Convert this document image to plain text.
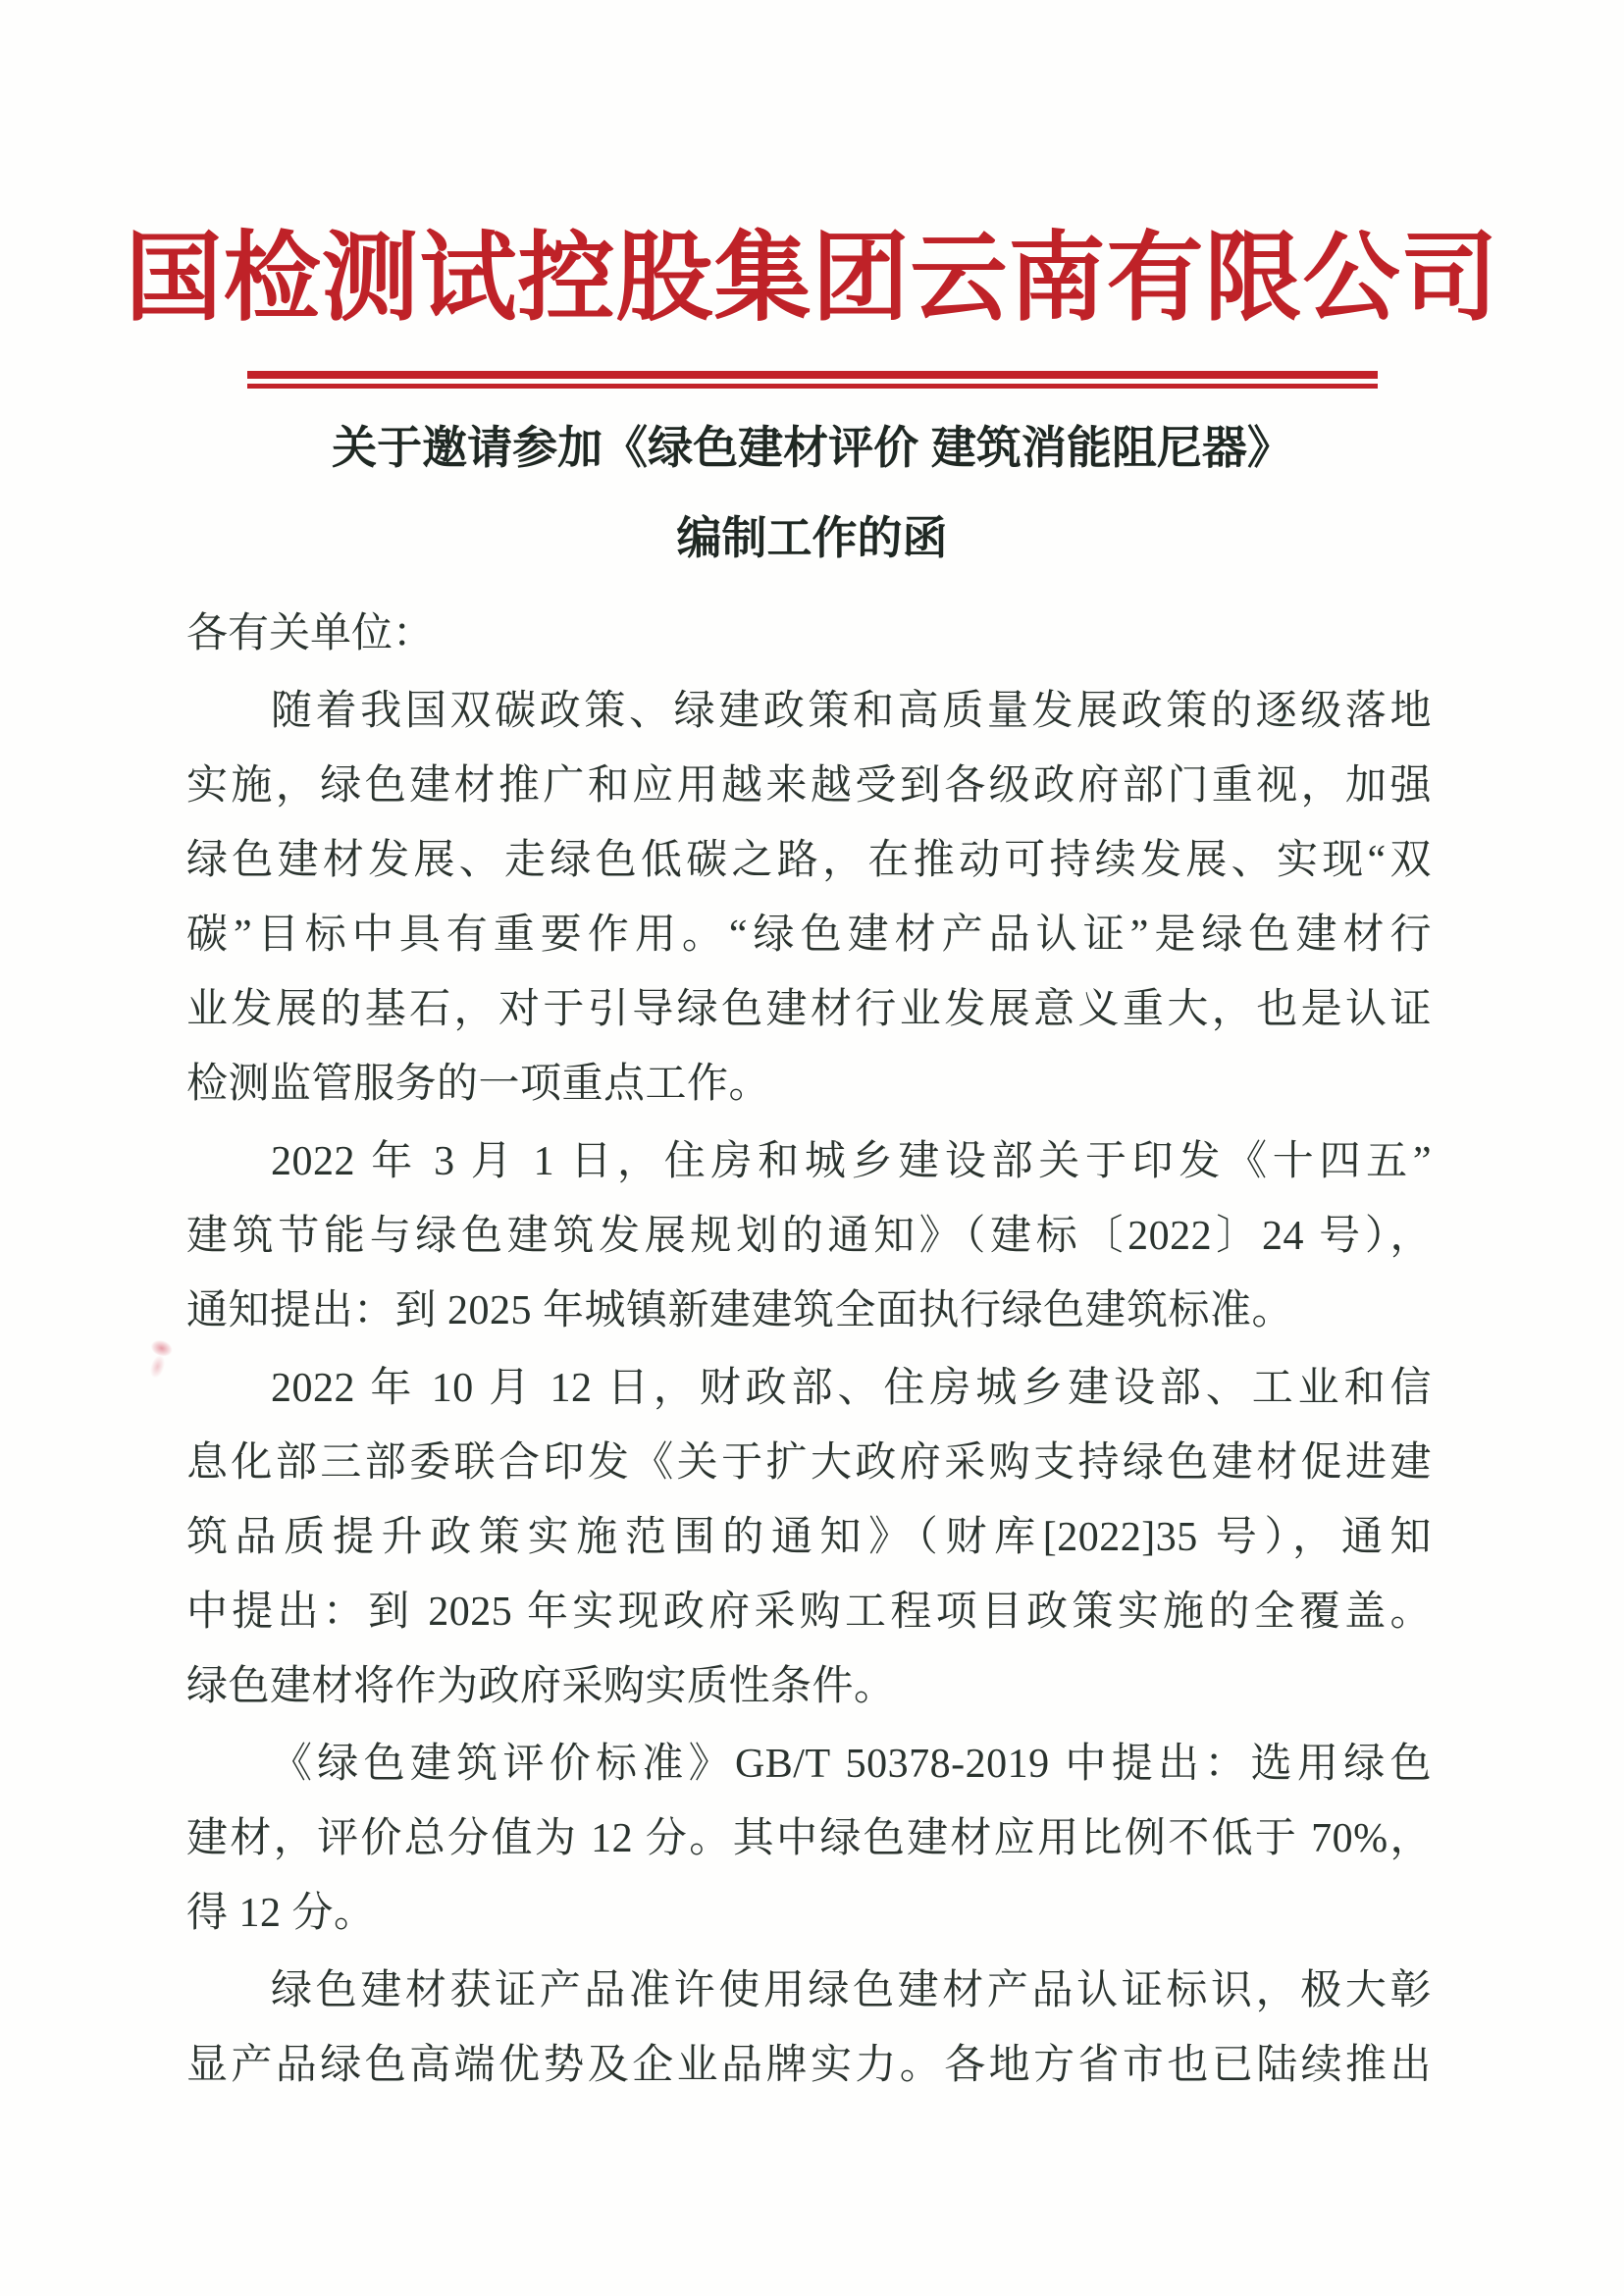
国检测试控股集团云南有限公司
关于邀请参加《绿色建材评价 建筑消能阻尼器》
编制工作的函

各有关单位：

随着我国双碳政策、绿建政策和高质量发展政策的逐级落地
实施，绿色建材推广和应用越来越受到各级政府部门重视，加强
绿色建材发展、走绿色低碳之路，在推动可持续发展、实现“双
碳”目标中具有重要作用。“绿色建材产品认证”是绿色建材行
业发展的基石，对于引导绿色建材行业发展意义重大，也是认证
检测监管服务的一项重点工作。
2022 年 3 月 1 日，住房和城乡建设部关于印发《十四五”
建筑节能与绿色建筑发展规划的通知》（建标〔2022〕24 号），
通知提出：到 2025 年城镇新建建筑全面执行绿色建筑标准。
2022 年 10 月 12 日，财政部、住房城乡建设部、工业和信
息化部三部委联合印发《关于扩大政府采购支持绿色建材促进建
筑品质提升政策实施范围的通知》（财库[2022]35 号），通知
中提出：到 2025 年实现政府采购工程项目政策实施的全覆盖。
绿色建材将作为政府采购实质性条件。
《绿色建筑评价标准》GB/T 50378-2019 中提出：选用绿色
建材，评价总分值为 12 分。其中绿色建材应用比例不低于 70%，
得 12 分。
绿色建材获证产品准许使用绿色建材产品认证标识，极大彰
显产品绿色高端优势及企业品牌实力。各地方省市也已陆续推出
